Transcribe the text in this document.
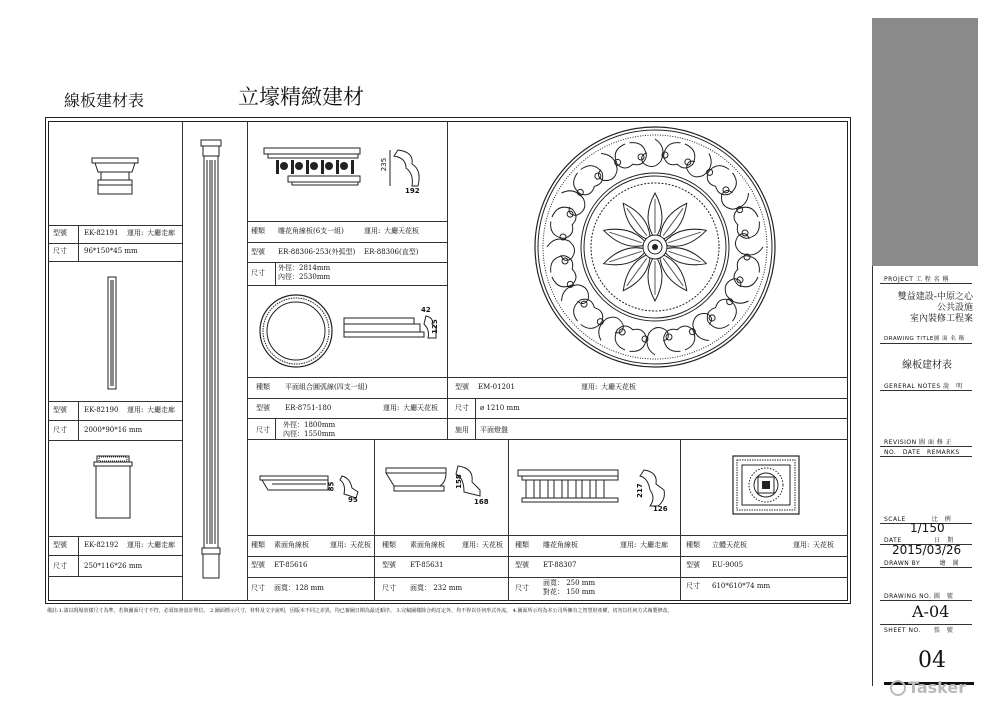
線板建材表	立壕精緻建材
型號 EK-82191 運用: 大廳走廊
尺寸 96*150*45 mm
型號 EK-82190 運用: 大廳走廊
尺寸 2000*90*16 mm
型號 EK-82192 運用: 大廳走廊
尺寸 250*116*26 mm
235
192
種類 雕花角線板(6支一組)	運用: 大廳天花板
型號 ER-88306-253(外弧型) ER-88306(直型)
尺寸
外徑：2814mm
內徑：2530mm
42
125
種類 平面組合圓弧線(四支一組)
型號 ER-8751-180	運用: 大廳天花板
尺寸
外徑：1800mm
內徑：1550mm
型號 EM-01201	運用: 大廳天花板
尺寸 ø 1210 mm
施用 平面燈盤
85
95
158
168
217
126
種類 素面角線板	運用: 天花板
型號 ET-85616
尺寸 面寬：128 mm
種類 素面角線板 運用: 天花板
型號 ET-85631
尺寸 面寬： 232 mm
種類 雕花角線板	運用: 大廳走廊
型號 ET-88307
尺寸
面寬： 250 mm
對花： 150 mm
種類 立體天花板	運用: 天花板
型號 EU-9005
尺寸 610*610*74 mm
備註:1.請以現場放樣尺寸為準，若與圖面尺寸不符，必須知會設計單位。 2.圖面標示尺寸，材料及文字說明，因版本不同之差異，均已審圖日期為最近順序。 3.完稿圖樣除合約訂定外，均不得以任何形式外流。 4.圖面所示均為本公司所擁有之智慧財產權，切勿以任何方式複製修改。
PROJECT 工 程 名 稱
雙益建設-中原之心
公共設施
室內裝修工程案
DRAWING TITLE圖 面 名 稱
線板建材表
GERERAL NOTES 說　明
REVISION 圖 面 修 正
NO.　DATE　REMARKS
SCALE　　　　比　例
1/150
DATE　　　　　日　期
2015/03/26
DRAWN BY　　　繪　圖
DRAWING NO. 圖　號
A-04
SHEET NO.　　張　號
04
Tasker
